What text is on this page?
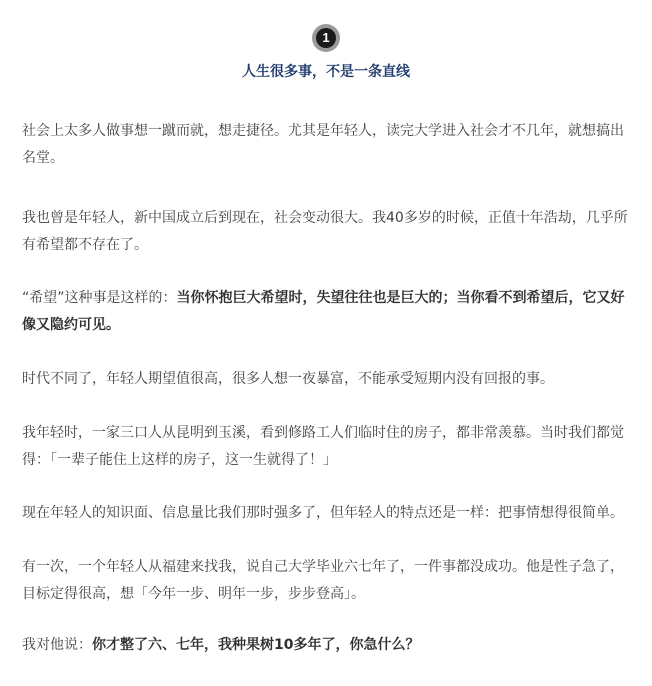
1
人生很多事，不是一条直线

社会上太多人做事想一蹴而就，想走捷径。尤其是年轻人，读完大学进入社会才不几年，就想搞出名堂。

我也曾是年轻人，新中国成立后到现在，社会变动很大。我40多岁的时候，正值十年浩劫，几乎所有希望都不存在了。

“希望”这种事是这样的：当你怀抱巨大希望时，失望往往也是巨大的；当你看不到希望后，它又好像又隐约可见。

时代不同了，年轻人期望值很高，很多人想一夜暴富，不能承受短期内没有回报的事。

我年轻时，一家三口人从昆明到玉溪，看到修路工人们临时住的房子，都非常羡慕。当时我们都觉得：「一辈子能住上这样的房子，这一生就得了！」

现在年轻人的知识面、信息量比我们那时强多了，但年轻人的特点还是一样：把事情想得很简单。

有一次，一个年轻人从福建来找我，说自己大学毕业六七年了，一件事都没成功。他是性子急了，目标定得很高，想「今年一步、明年一步，步步登高」。

我对他说：你才整了六、七年，我种果树10多年了，你急什么？
